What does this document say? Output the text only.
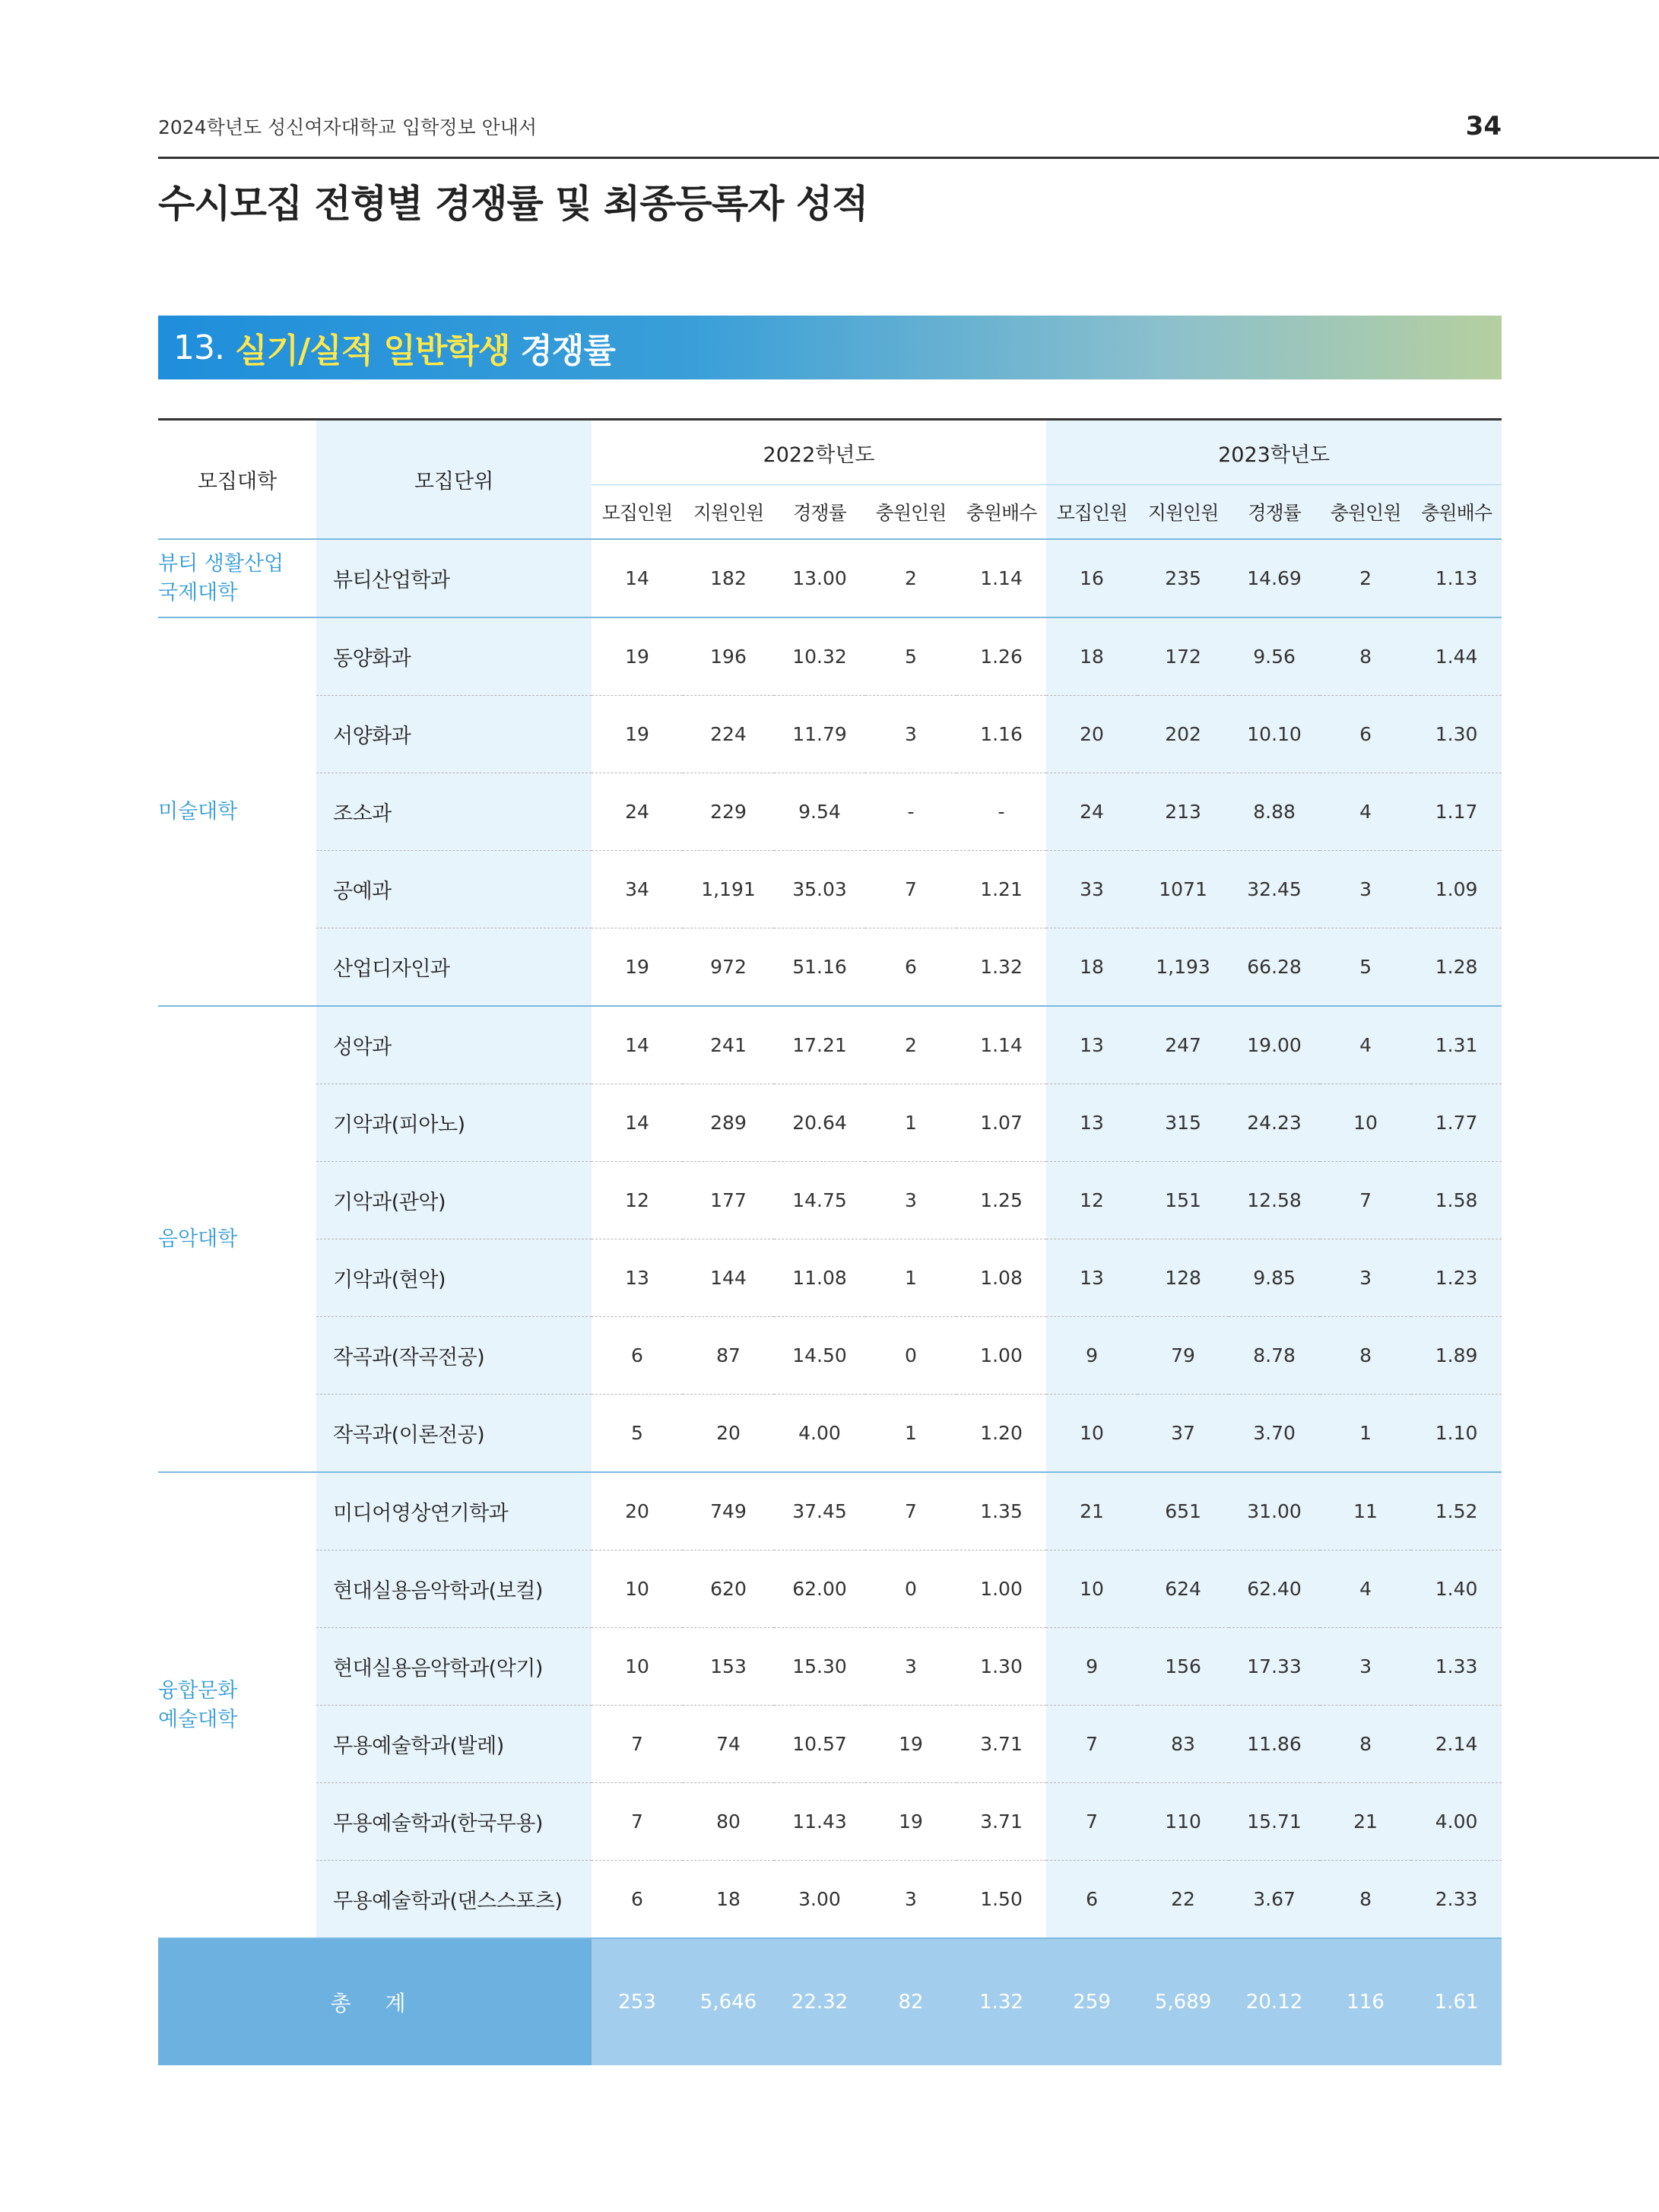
2024학년도 성신여자대학교 입학정보 안내서	34
수시모집 전형별 경쟁률 및 최종등록자 성적
13. 실기/실적 일반학생 경쟁률
모집대학	모집단위	2022학년도					2023학년도				
		모집인원	지원인원	경쟁률	충원인원	충원배수	모집인원	지원인원	경쟁률	충원인원	충원배수
뷰티 생활산업
국제대학	뷰티산업학과	14	182	13.00	2	1.14	16	235	14.69	2	1.13
미술대학	동양화과	19	196	10.32	5	1.26	18	172	9.56	8	1.44
	서양화과	19	224	11.79	3	1.16	20	202	10.10	6	1.30
	조소과	24	229	9.54	-	-	24	213	8.88	4	1.17
	공예과	34	1,191	35.03	7	1.21	33	1071	32.45	3	1.09
	산업디자인과	19	972	51.16	6	1.32	18	1,193	66.28	5	1.28
음악대학	성악과	14	241	17.21	2	1.14	13	247	19.00	4	1.31
	기악과(피아노)	14	289	20.64	1	1.07	13	315	24.23	10	1.77
	기악과(관악)	12	177	14.75	3	1.25	12	151	12.58	7	1.58
	기악과(현악)	13	144	11.08	1	1.08	13	128	9.85	3	1.23
	작곡과(작곡전공)	6	87	14.50	0	1.00	9	79	8.78	8	1.89
	작곡과(이론전공)	5	20	4.00	1	1.20	10	37	3.70	1	1.10
융합문화
예술대학	미디어영상연기학과	20	749	37.45	7	1.35	21	651	31.00	11	1.52
	현대실용음악학과(보컬)	10	620	62.00	0	1.00	10	624	62.40	4	1.40
	현대실용음악학과(악기)	10	153	15.30	3	1.30	9	156	17.33	3	1.33
	무용예술학과(발레)	7	74	10.57	19	3.71	7	83	11.86	8	2.14
	무용예술학과(한국무용)	7	80	11.43	19	3.71	7	110	15.71	21	4.00
	무용예술학과(댄스스포츠)	6	18	3.00	3	1.50	6	22	3.67	8	2.33
총 계		253	5,646	22.32	82	1.32	259	5,689	20.12	116	1.61
